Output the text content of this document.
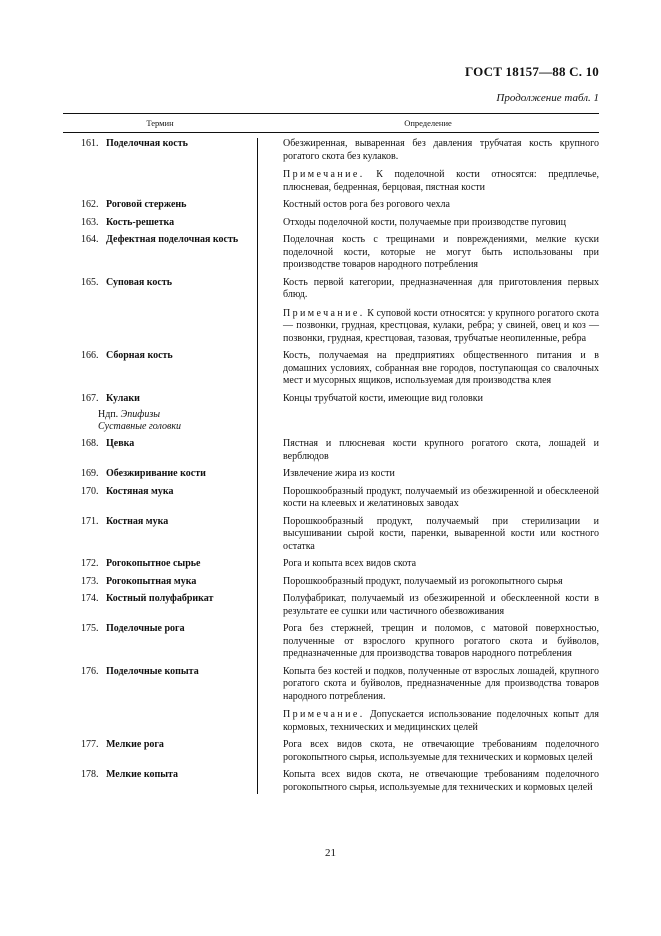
ГОСТ 18157—88 С. 10
Продолжение табл. 1
Термин	Определение
161. Поделочная кость	Обезжиренная, вываренная без давления трубчатая кость крупного рогатого скота без кулаков.
Примечание. К поделочной кости относятся: предплечье, плюсневая, бедренная, берцовая, пястная кости
162. Роговой стержень	Костный остов рога без рогового чехла
163. Кость-решетка	Отходы поделочной кости, получаемые при производстве пуговиц
164. Дефектная поделочная кость	Поделочная кость с трещинами и повреждениями, мелкие куски поделочной кости, которые не могут быть использованы при производстве товаров народного потребления
165. Суповая кость	Кость первой категории, предназначенная для приготовления первых блюд.
Примечание. К суповой кости относятся: у крупного рогатого скота — позвонки, грудная, крестцовая, кулаки, ребра; у свиней, овец и коз — позвонки, грудная, крестцовая, тазовая, трубчатые неопиленные, ребра
166. Сборная кость	Кость, получаемая на предприятиях общественного питания и в домашних условиях, собранная вне городов, поступающая со свалочных мест и мусорных ящиков, используемая для производства клея
167. Кулаки	Концы трубчатой кости, имеющие вид головки
Ндп. Эпифизы
Суставные головки
168. Цевка	Пястная и плюсневая кости крупного рогатого скота, лошадей и верблюдов
169. Обезжиривание кости	Извлечение жира из кости
170. Костяная мука	Порошкообразный продукт, получаемый из обезжиренной и обесклееной кости на клеевых и желатиновых заводах
171. Костная мука	Порошкообразный продукт, получаемый при стерилизации и высушивании сырой кости, паренки, вываренной кости или костного остатка
172. Рогокопытное сырье	Рога и копыта всех видов скота
173. Рогокопытная мука	Порошкообразный продукт, получаемый из рогокопытного сырья
174. Костный полуфабрикат	Полуфабрикат, получаемый из обезжиренной и обесклеенной кости в результате ее сушки или частичного обезвоживания
175. Поделочные рога	Рога без стержней, трещин и поломов, с матовой поверхностью, полученные от взрослого крупного рогатого скота и буйволов, предназначенные для производства товаров народного потребления
176. Поделочные копыта	Копыта без костей и подков, полученные от взрослых лошадей, крупного рогатого скота и буйволов, предназначенные для производства товаров народного потребления.
Примечание. Допускается использование поделочных копыт для кормовых, технических и медицинских целей
177. Мелкие рога	Рога всех видов скота, не отвечающие требованиям поделочного рогокопытного сырья, используемые для технических и кормовых целей
178. Мелкие копыта	Копыта всех видов скота, не отвечающие требованиям поделочного рогокопытного сырья, используемые для технических и кормовых целей
21
